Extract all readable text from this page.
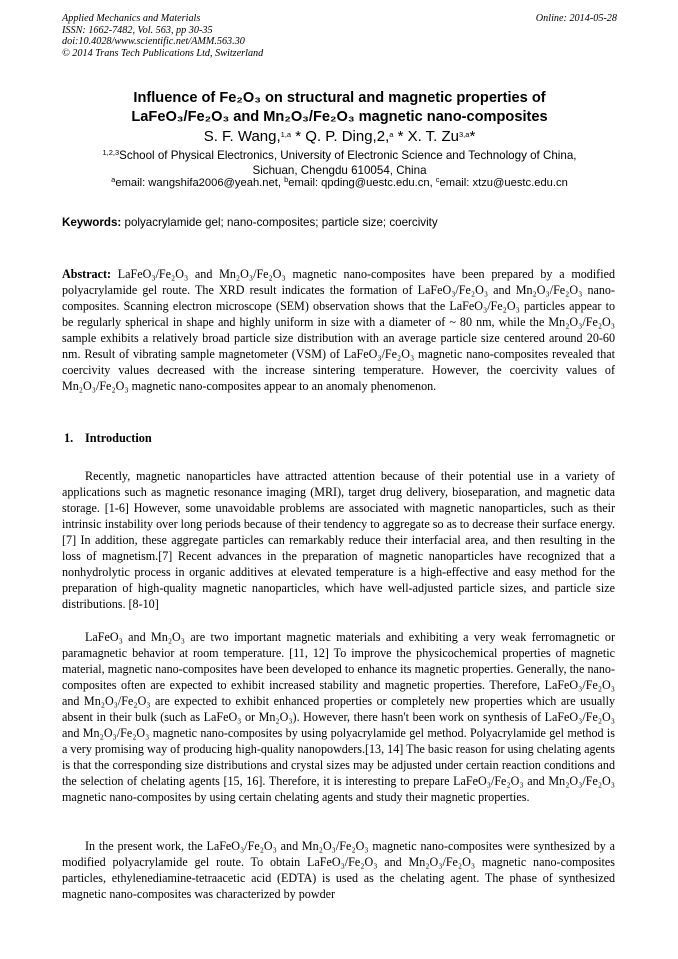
Applied Mechanics and Materials
ISSN: 1662-7482, Vol. 563, pp 30-35
doi:10.4028/www.scientific.net/AMM.563.30
© 2014 Trans Tech Publications Ltd, Switzerland
Online: 2014-05-28
Influence of Fe₂O₃ on structural and magnetic properties of
LaFeO₃/Fe₂O₃ and Mn₂O₃/Fe₂O₃ magnetic nano-composites
S. F. Wang,$^{1,a}$ * Q. P. Ding,2,$^a$ * X. T. Zu$^{3,a}$*
$^{1,2,3}$School of Physical Electronics, University of Electronic Science and Technology of China,
Sichuan, Chengdu 610054, China
$^a$email: wangshifa2006@yeah.net, $^b$email: qpding@uestc.edu.cn, $^c$email: xtzu@uestc.edu.cn
Keywords: polyacrylamide gel; nano-composites; particle size; coercivity
Abstract: LaFeO₃/Fe₂O₃ and Mn₂O₃/Fe₂O₃ magnetic nano-composites have been prepared by a modified polyacrylamide gel route. The XRD result indicates the formation of LaFeO₃/Fe₂O₃ and Mn₂O₃/Fe₂O₃ nano-composites. Scanning electron microscope (SEM) observation shows that the LaFeO₃/Fe₂O₃ particles appear to be regularly spherical in shape and highly uniform in size with a diameter of ~ 80 nm, while the Mn₂O₃/Fe₂O₃ sample exhibits a relatively broad particle size distribution with an average particle size centered around 20-60 nm. Result of vibrating sample magnetometer (VSM) of LaFeO₃/Fe₂O₃ magnetic nano-composites revealed that coercivity values decreased with the increase sintering temperature. However, the coercivity values of Mn₂O₃/Fe₂O₃ magnetic nano-composites appear to an anomaly phenomenon.
1. Introduction
Recently, magnetic nanoparticles have attracted attention because of their potential use in a variety of applications such as magnetic resonance imaging (MRI), target drug delivery, bioseparation, and magnetic data storage. [1-6] However, some unavoidable problems are associated with magnetic nanoparticles, such as their intrinsic instability over long periods because of their tendency to aggregate so as to decrease their surface energy.[7] In addition, these aggregate particles can remarkably reduce their interfacial area, and then resulting in the loss of magnetism.[7] Recent advances in the preparation of magnetic nanoparticles have recognized that a nonhydrolytic process in organic additives at elevated temperature is a high-effective and easy method for the preparation of high-quality magnetic nanoparticles, which have well-adjusted particle sizes, and particle size distributions. [8-10]
LaFeO₃ and Mn₂O₃ are two important magnetic materials and exhibiting a very weak ferromagnetic or paramagnetic behavior at room temperature. [11, 12] To improve the physicochemical properties of magnetic material, magnetic nano-composites have been developed to enhance its magnetic properties. Generally, the nano-composites often are expected to exhibit increased stability and magnetic properties. Therefore, LaFeO₃/Fe₂O₃ and Mn₂O₃/Fe₂O₃ are expected to exhibit enhanced properties or completely new properties which are usually absent in their bulk (such as LaFeO₃ or Mn₂O₃). However, there hasn't been work on synthesis of LaFeO₃/Fe₂O₃ and Mn₂O₃/Fe₂O₃ magnetic nano-composites by using polyacrylamide gel method. Polyacrylamide gel method is a very promising way of producing high-quality nanopowders.[13, 14] The basic reason for using chelating agents is that the corresponding size distributions and crystal sizes may be adjusted under certain reaction conditions and the selection of chelating agents [15, 16]. Therefore, it is interesting to prepare LaFeO₃/Fe₂O₃ and Mn₂O₃/Fe₂O₃ magnetic nano-composites by using certain chelating agents and study their magnetic properties.
In the present work, the LaFeO₃/Fe₂O₃ and Mn₂O₃/Fe₂O₃ magnetic nano-composites were synthesized by a modified polyacrylamide gel route. To obtain LaFeO₃/Fe₂O₃ and Mn₂O₃/Fe₂O₃ magnetic nano-composites particles, ethylenediamine-tetraacetic acid (EDTA) is used as the chelating agent. The phase of synthesized magnetic nano-composites was characterized by powder
